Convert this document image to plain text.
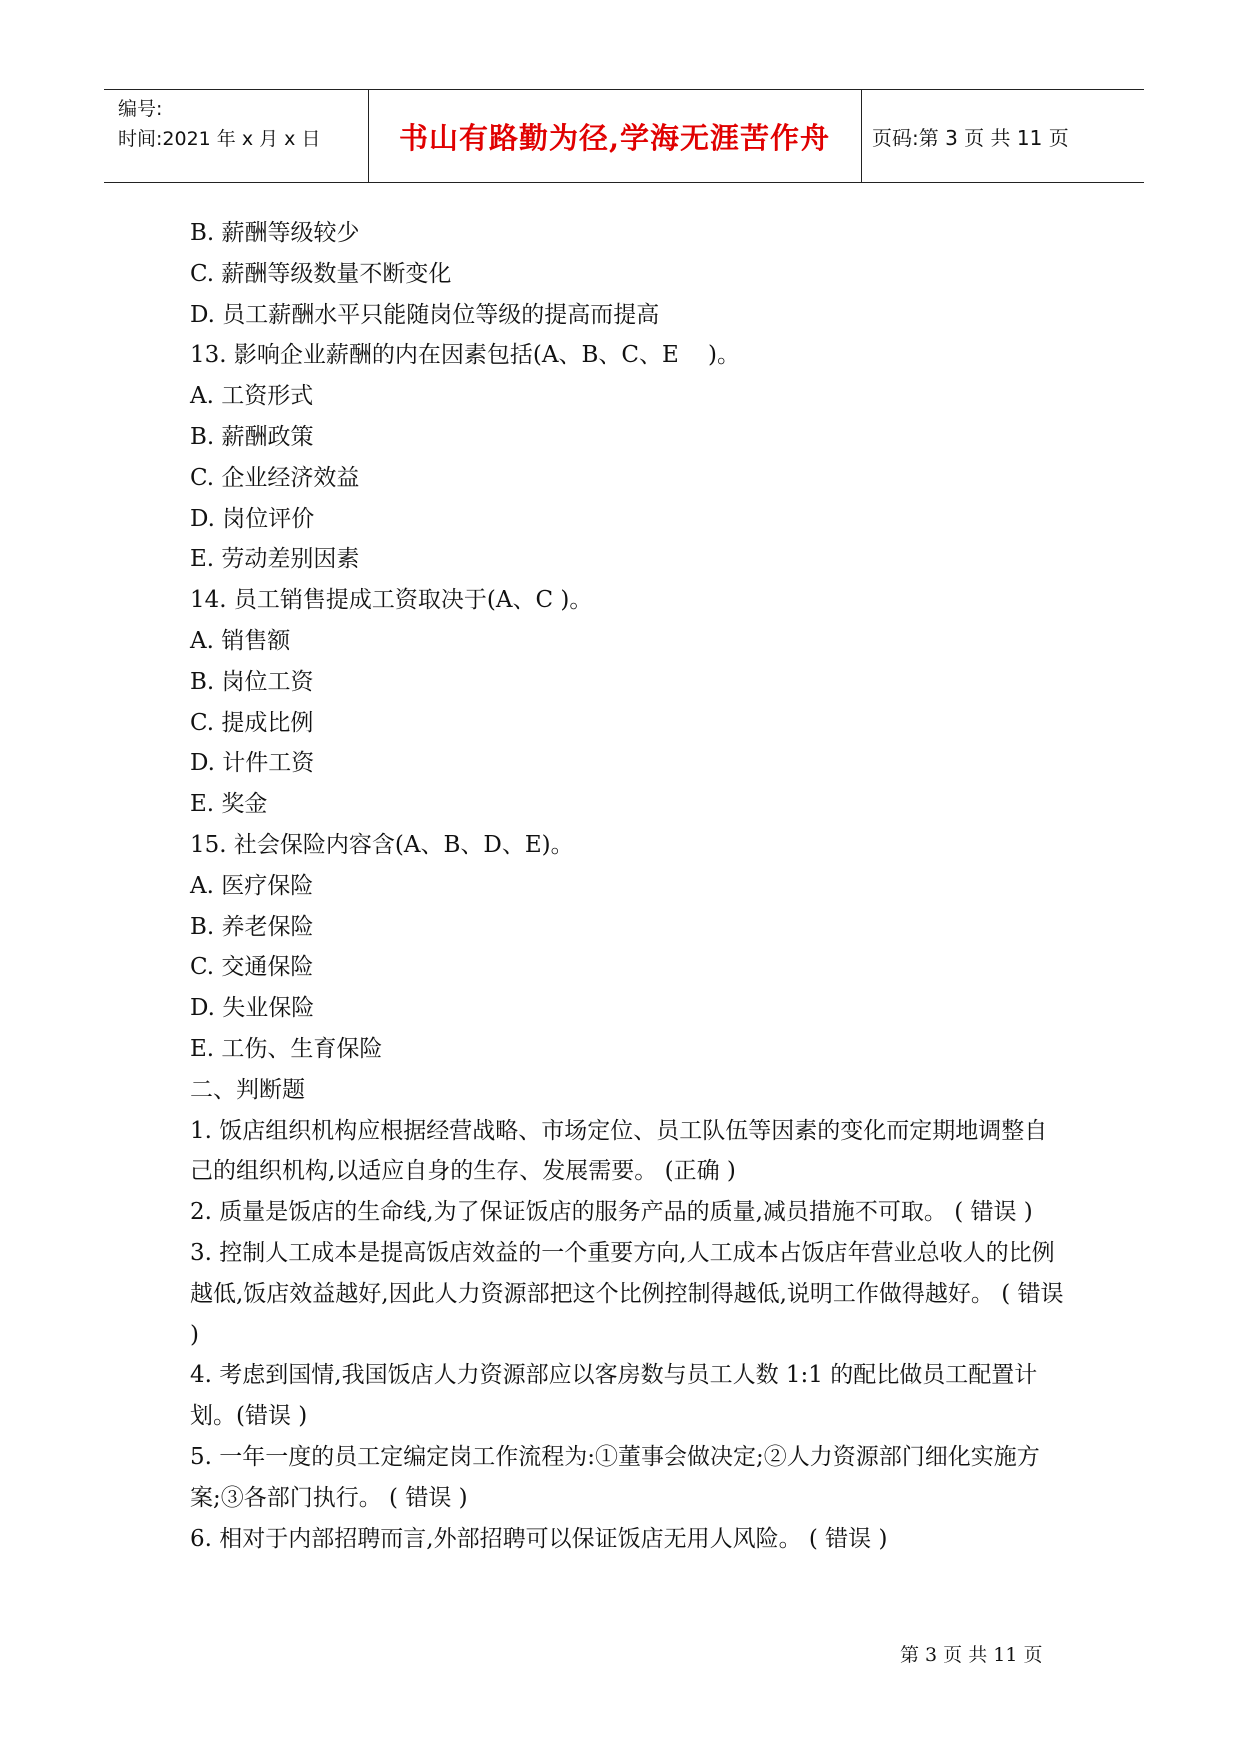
编号:
时间:2021 年 x 月 x 日	书山有路勤为径,学海无涯苦作舟	页码:第 3 页 共 11 页
B. 薪酬等级较少
C. 薪酬等级数量不断变化
D. 员工薪酬水平只能随岗位等级的提高而提高
13. 影响企业薪酬的内在因素包括(A、B、C、E    )。
A. 工资形式
B. 薪酬政策
C. 企业经济效益
D. 岗位评价
E. 劳动差别因素
14. 员工销售提成工资取决于(A、C )。
A. 销售额
B. 岗位工资
C. 提成比例
D. 计件工资
E. 奖金
15. 社会保险内容含(A、B、D、E)。
A. 医疗保险
B. 养老保险
C. 交通保险
D. 失业保险
E. 工伤、生育保险
二、判断题
1. 饭店组织机构应根据经营战略、市场定位、员工队伍等因素的变化而定期地调整自己的组织机构,以适应自身的生存、发展需要。 (正确 )
2. 质量是饭店的生命线,为了保证饭店的服务产品的质量,减员措施不可取。 ( 错误 )
3. 控制人工成本是提高饭店效益的一个重要方向,人工成本占饭店年营业总收人的比例越低,饭店效益越好,因此人力资源部把这个比例控制得越低,说明工作做得越好。 ( 错误 )
4. 考虑到国情,我国饭店人力资源部应以客房数与员工人数 1:1 的配比做员工配置计划。(错误 )
5. 一年一度的员工定编定岗工作流程为:①董事会做决定;②人力资源部门细化实施方案;③各部门执行。 ( 错误 )
6. 相对于内部招聘而言,外部招聘可以保证饭店无用人风险。 ( 错误 )
第 3 页 共 11 页
